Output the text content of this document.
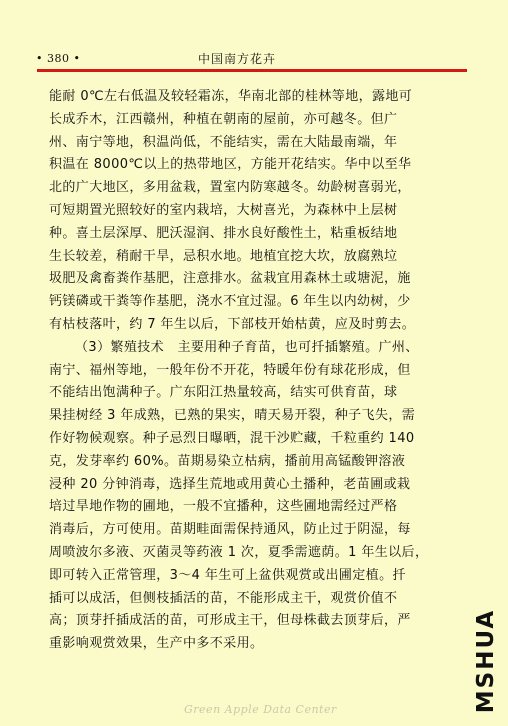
• 380 •	中国南方花卉
能耐 0℃左右低温及较轻霜冻，华南北部的桂林等地，露地可
长成乔木，江西赣州，种植在朝南的屋前，亦可越冬。但广
州、南宁等地，积温尚低，不能结实，需在大陆最南端，年
积温在 8000℃以上的热带地区，方能开花结实。华中以至华
北的广大地区，多用盆栽，置室内防寒越冬。幼龄树喜弱光，
可短期置光照较好的室内栽培，大树喜光，为森林中上层树
种。喜土层深厚、肥沃湿润、排水良好酸性土，粘重板结地
生长较差，稍耐干旱，忌积水地。地植宜挖大坎，放腐熟垃
圾肥及禽畜粪作基肥，注意排水。盆栽宜用森林土或塘泥，施
钙镁磷或干粪等作基肥，浇水不宜过湿。6 年生以内幼树，少
有枯枝落叶，约 7 年生以后，下部枝开始枯黄，应及时剪去。
（3）繁殖技术　主要用种子育苗，也可扦插繁殖。广州、
南宁、福州等地，一般年份不开花，特暖年份有球花形成，但
不能结出饱满种子。广东阳江热量较高，结实可供育苗，球
果挂树经 3 年成熟，已熟的果实，晴天易开裂，种子飞失，需
作好物候观察。种子忌烈日曝晒，混干沙贮藏，千粒重约 140
克，发芽率约 60%。苗期易染立枯病，播前用高锰酸钾溶液
浸种 20 分钟消毒，选择生荒地或用黄心土播种，老苗圃或栽
培过旱地作物的圃地，一般不宜播种，这些圃地需经过严格
消毒后，方可使用。苗期畦面需保持通风，防止过于阴湿，每
周喷波尔多液、灭菌灵等药液 1 次，夏季需遮荫。1 年生以后，
即可转入正常管理，3～4 年生可上盆供观赏或出圃定植。扦
插可以成活，但侧枝插活的苗，不能形成主干，观赏价值不
高；顶芽扦插成活的苗，可形成主干，但母株截去顶芽后，严
重影响观赏效果，生产中多不采用。	MSHUA
Green Apple Data Center
